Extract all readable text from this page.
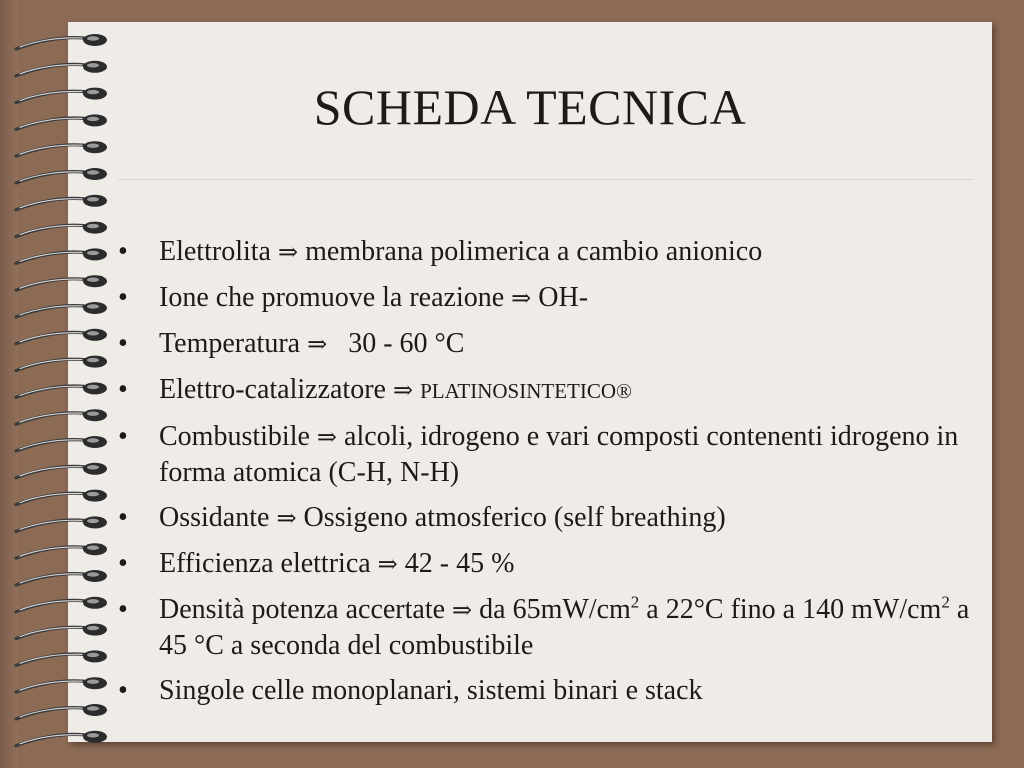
SCHEDA TECNICA
• Elettrolita ⇒ membrana polimerica a cambio anionico
• Ione che promuove la reazione ⇒ OH-
• Temperatura ⇒ 30 - 60 °C
• Elettro-catalizzatore ⇒ PLATINOSINTETICO®
• Combustibile ⇒ alcoli, idrogeno e vari composti contenenti idrogeno in forma atomica (C-H, N-H)
• Ossidante ⇒ Ossigeno atmosferico (self breathing)
• Efficienza elettrica ⇒ 42 - 45 %
• Densità potenza accertate ⇒ da $65mW/cm^2$ a 22°C fino a 140 $mW/cm^2$ a 45 °C a seconda del combustibile
• Singole celle monoplanari, sistemi binari e stack
